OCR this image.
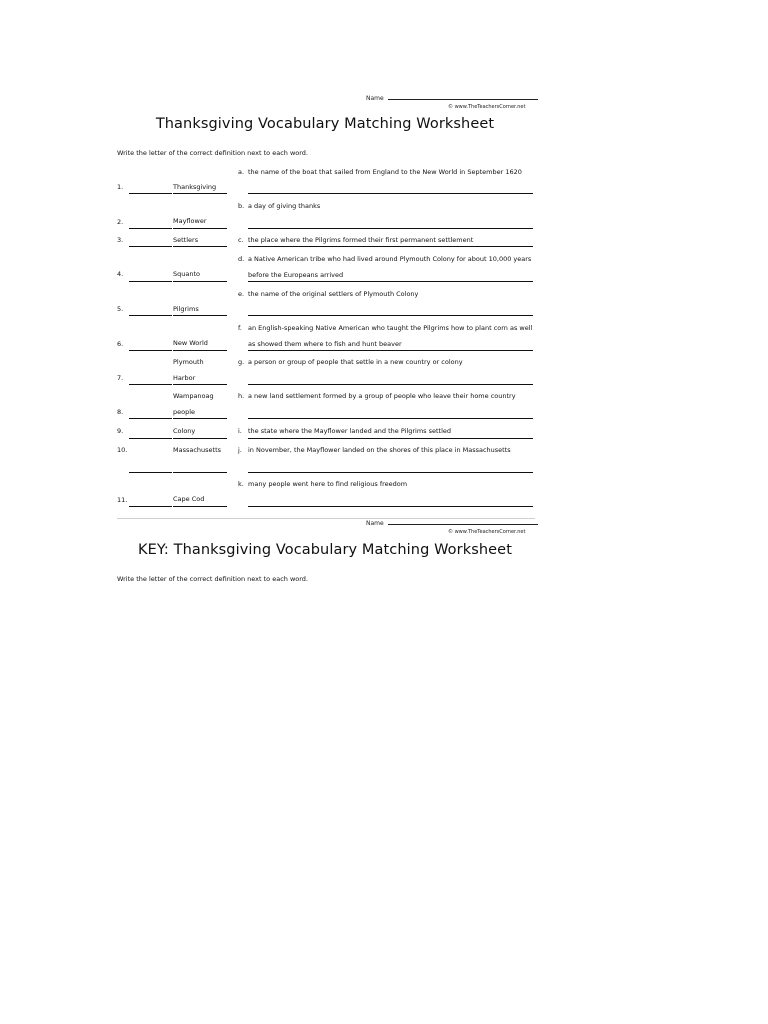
Name
© www.TheTeachersCorner.net
Thanksgiving Vocabulary Matching Worksheet
Write the letter of the correct definition next to each word.
a. the name of the boat that sailed from England to the New World in September 1620
1.	Thanksgiving
b. a day of giving thanks
2.	Mayflower
c. the place where the Pilgrims formed their first permanent settlement
3.	Settlers
d. a Native American tribe who had lived around Plymouth Colony for about 10,000 years before the Europeans arrived
4.	Squanto
e. the name of the original settlers of Plymouth Colony
5.	Pilgrims
f. an English-speaking Native American who taught the Pilgrims how to plant corn as well as showed them where to fish and hunt beaver
6.	New World
g. a person or group of people that settle in a new country or colony
7.
Plymouth Harbor
h. a new land settlement formed by a group of people who leave their home country
8.
Wampanoag people
i. the state where the Mayflower landed and the Pilgrims settled
9.	Colony
j. in November, the Mayflower landed on the shores of this place in Massachusetts
10.	Massachusetts
k. many people went here to find religious freedom
11.	Cape Cod
Name
© www.TheTeachersCorner.net
KEY: Thanksgiving Vocabulary Matching Worksheet
Write the letter of the correct definition next to each word.
